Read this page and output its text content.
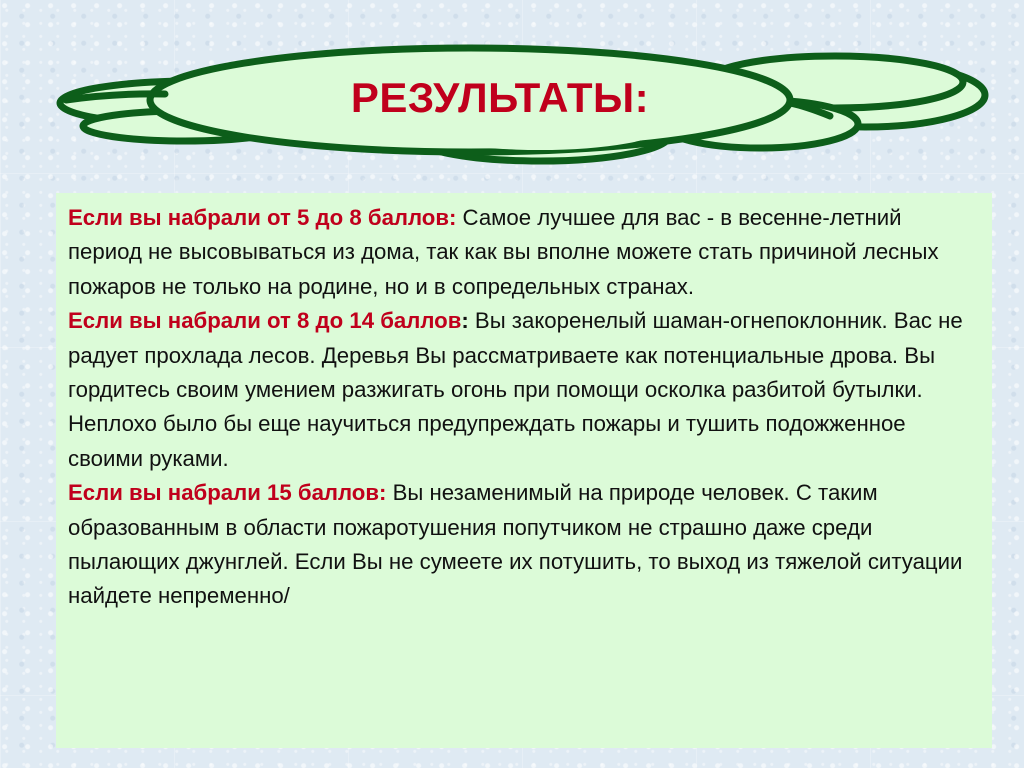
РЕЗУЛЬТАТЫ:

Если вы набрали от 5 до 8 баллов: Самое лучшее для вас - в весенне-летний период не высовываться из дома, так как вы вполне можете стать причиной лесных пожаров не только на родине, но и в сопредельных странах.

Если вы набрали от 8 до 14 баллов: Вы закоренелый шаман-огнепоклонник. Вас не радует прохлада лесов. Деревья Вы рассматриваете как потенциальные дрова. Вы гордитесь своим умением разжигать огонь при помощи осколка разбитой бутылки. Неплохо было бы еще научиться предупреждать пожары и тушить подожженное своими руками.

Если вы набрали 15 баллов: Вы незаменимый на природе человек. С таким образованным в области пожаротушения попутчиком не страшно даже среди пылающих джунглей. Если Вы не сумеете их потушить, то выход из тяжелой ситуации найдете непременно/
